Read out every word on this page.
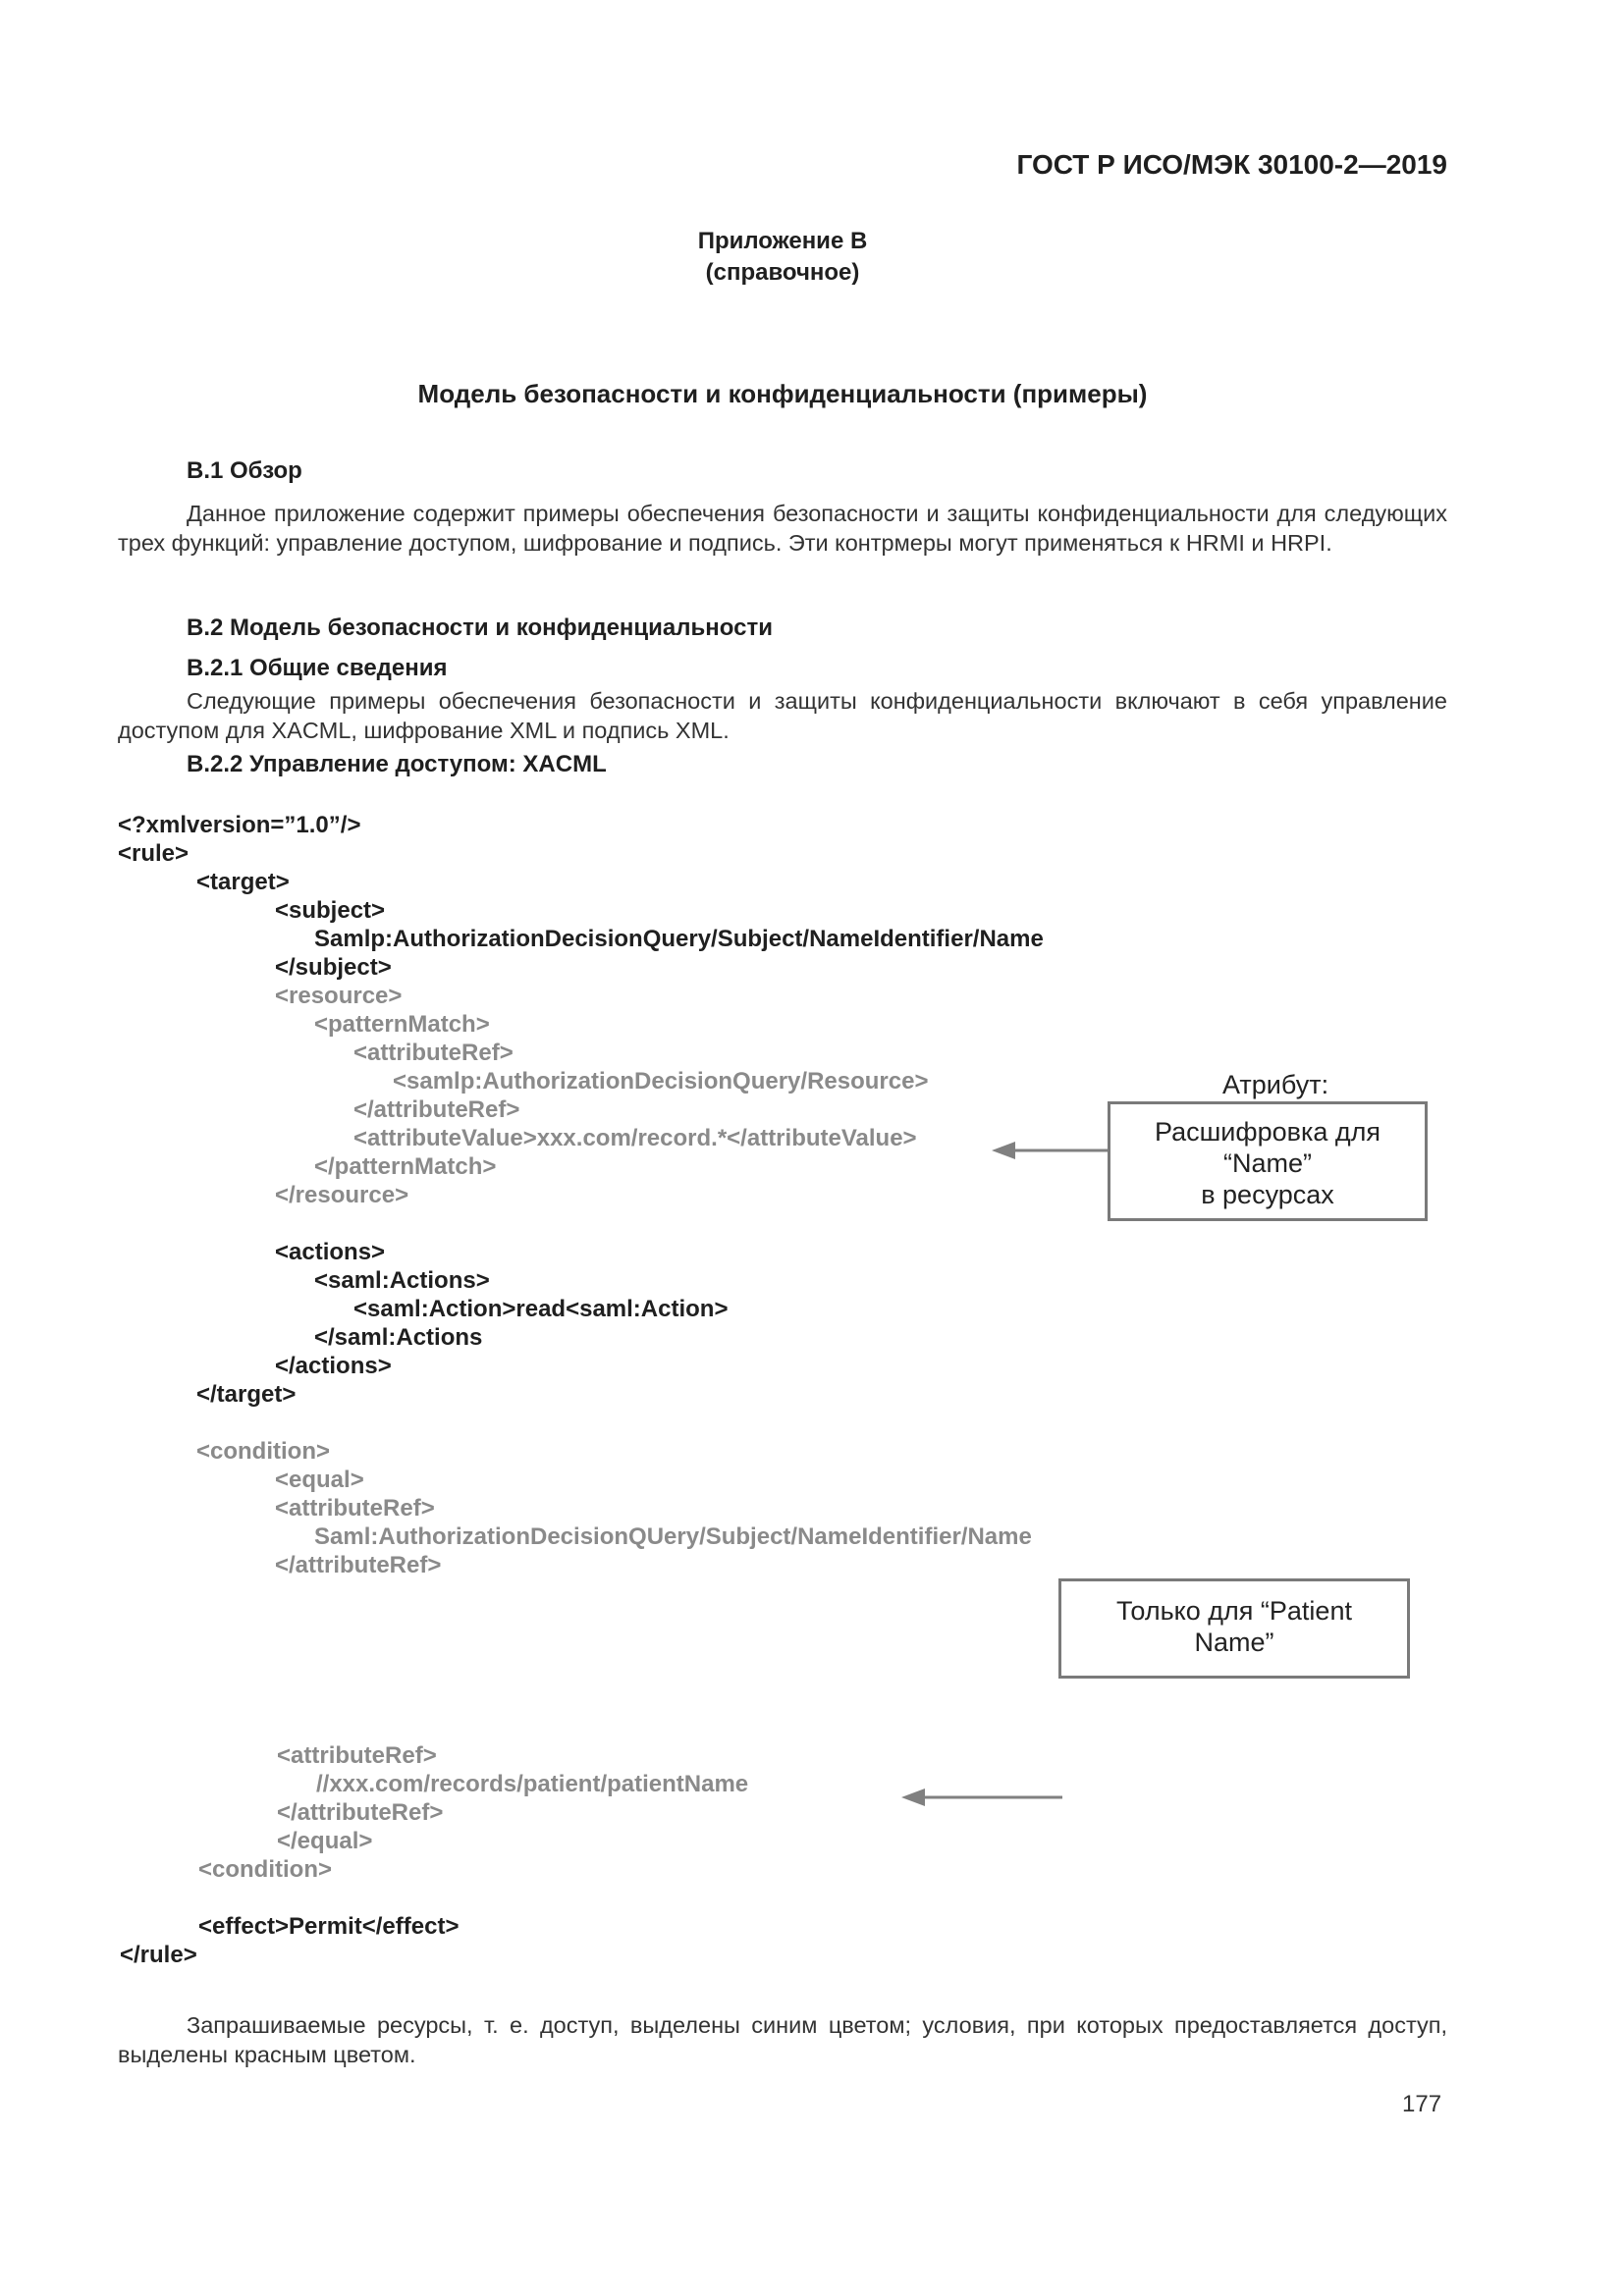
ГОСТ Р ИСО/МЭК 30100-2—2019
Приложение В
(справочное)
Модель безопасности и конфиденциальности (примеры)
В.1 Обзор
Данное приложение содержит примеры обеспечения безопасности и защиты конфиденциальности для следующих трех функций: управление доступом, шифрование и подпись. Эти контрмеры могут применяться к HRMI и HRPI.
В.2 Модель безопасности и конфиденциальности
В.2.1 Общие сведения
Следующие примеры обеспечения безопасности и защиты конфиденциальности включают в себя управление доступом для XACML, шифрование XML и подпись XML.
В.2.2 Управление доступом: XACML
<?xmlversion=”1.0”/>
<rule>
<target>
<subject>
Samlp:AuthorizationDecisionQuery/Subject/NameIdentifier/Name
</subject>
<resource>
<patternMatch>
<attributeRef>
<samlp:AuthorizationDecisionQuery/Resource>
</attributeRef>
<attributeValue>xxx.com/record.*</attributeValue>
</patternMatch>
</resource>
<actions>
<saml:Actions>
<saml:Action>read<saml:Action>
</saml:Actions
</actions>
</target>
<condition>
<equal>
<attributeRef>
Saml:AuthorizationDecisionQUery/Subject/NameIdentifier/Name
</attributeRef>
<attributeRef>
//xxx.com/records/patient/patientName
</attributeRef>
</equal>
<condition>
<effect>Permit</effect>
</rule>
Атрибут:
Расшифровка для
“Name”
в ресурсах
Только для “Patient
Name”
Запрашиваемые ресурсы, т. е. доступ, выделены синим цветом; условия, при которых предоставляется доступ, выделены красным цветом.
177
